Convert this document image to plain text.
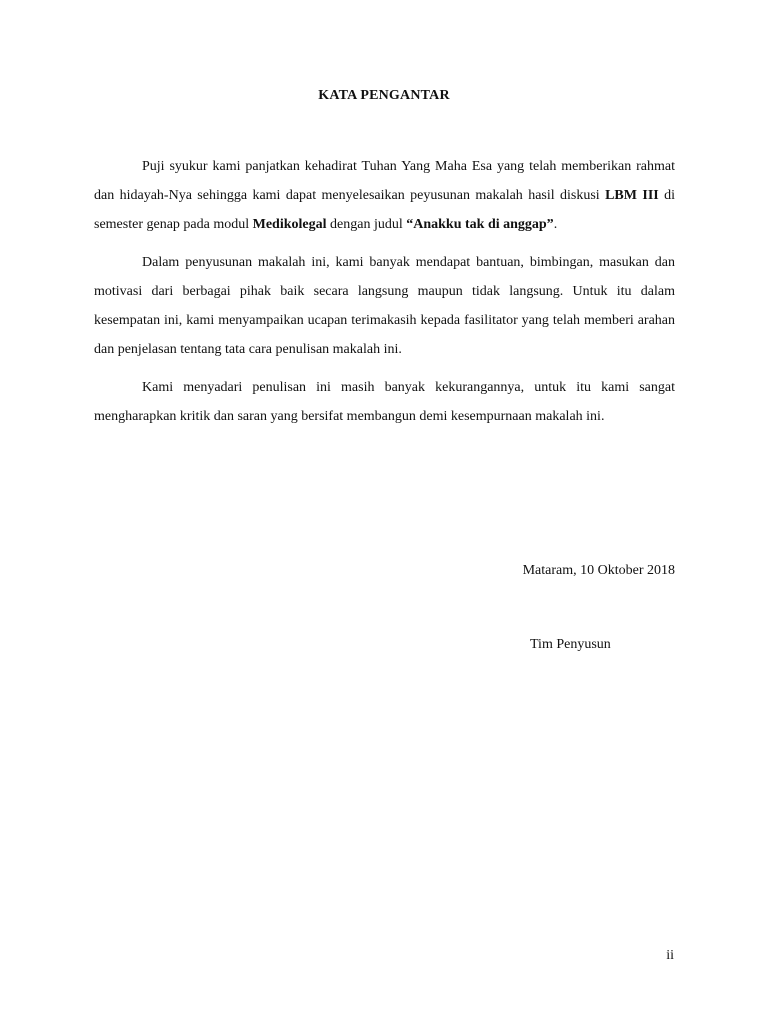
KATA PENGANTAR

Puji syukur kami panjatkan kehadirat Tuhan Yang Maha Esa yang telah memberikan rahmat dan hidayah-Nya sehingga kami dapat menyelesaikan peyusunan makalah hasil diskusi LBM III di semester genap pada modul Medikolegal dengan judul “Anakku tak di anggap”.

Dalam penyusunan makalah ini, kami banyak mendapat bantuan, bimbingan, masukan dan motivasi dari berbagai pihak baik secara langsung maupun tidak langsung. Untuk itu dalam kesempatan ini, kami menyampaikan ucapan terimakasih kepada fasilitator yang telah memberi arahan dan penjelasan tentang tata cara penulisan makalah ini.

Kami menyadari penulisan ini masih banyak kekurangannya, untuk itu kami sangat mengharapkan kritik dan saran yang bersifat membangun demi kesempurnaan makalah ini.

Mataram, 10 Oktober 2018
Tim Penyusun
ii
